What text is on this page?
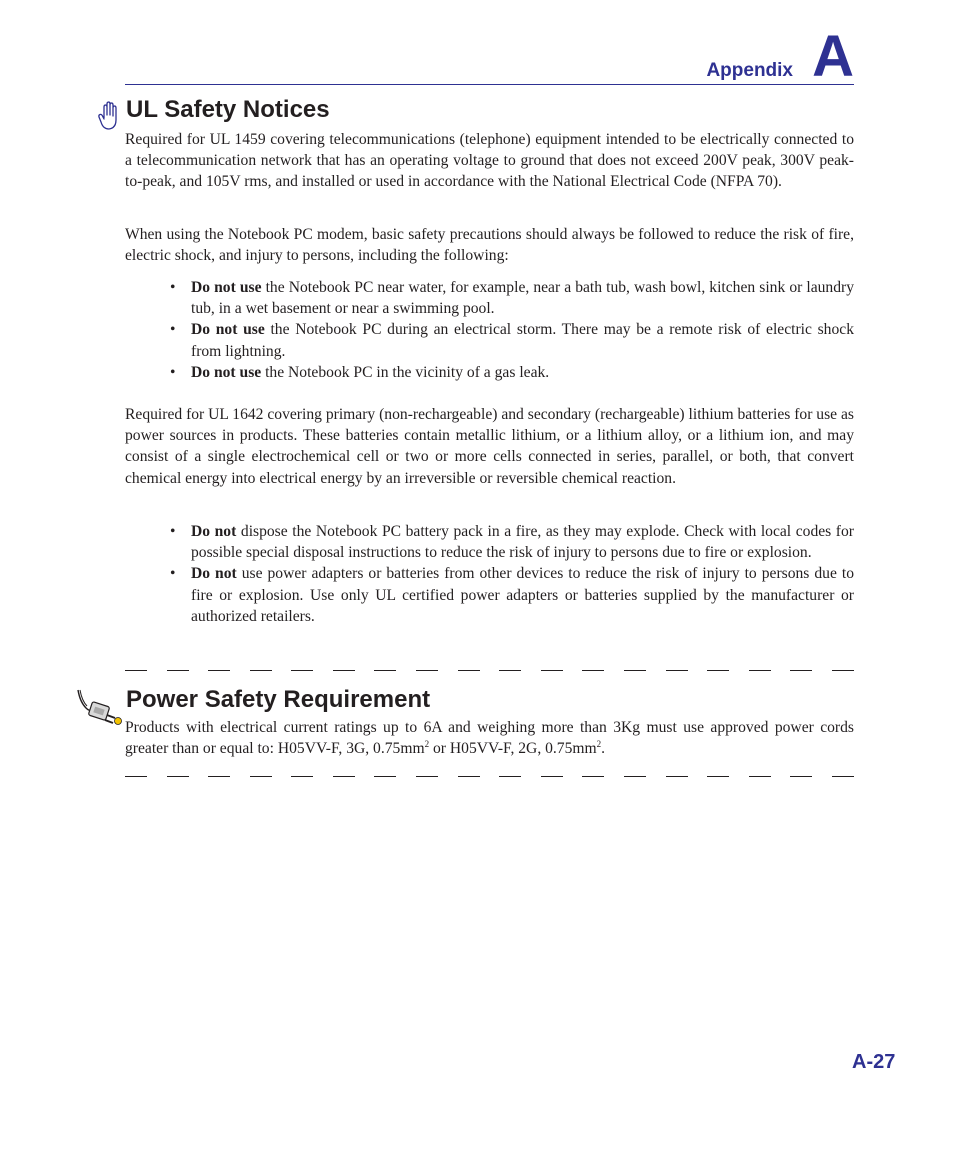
Appendix A
UL Safety Notices

Required for UL 1459 covering telecommunications (telephone) equipment intended to be electrically connected to a telecommunication network that has an operating voltage to ground that does not exceed 200V peak, 300V peak-to-peak, and 105V rms, and installed or used in accordance with the National Electrical Code (NFPA 70).

When using the Notebook PC modem, basic safety precautions should always be followed to reduce the risk of fire, electric shock, and injury to persons, including the following:

• Do not use the Notebook PC near water, for example, near a bath tub, wash bowl, kitchen sink or laundry tub, in a wet basement or near a swimming pool.
• Do not use the Notebook PC during an electrical storm. There may be a remote risk of electric shock from lightning.
• Do not use the Notebook PC in the vicinity of a gas leak.

Required for UL 1642 covering primary (non-rechargeable) and secondary (rechargeable) lithium batteries for use as power sources in products. These batteries contain metallic lithium, or a lithium alloy, or a lithium ion, and may consist of a single electrochemical cell or two or more cells connected in series, parallel, or both, that convert chemical energy into electrical energy by an irreversible or reversible chemical reaction.

• Do not dispose the Notebook PC battery pack in a fire, as they may explode. Check with local codes for possible special disposal instructions to reduce the risk of injury to persons due to fire or explosion.
• Do not use power adapters or batteries from other devices to reduce the risk of injury to persons due to fire or explosion. Use only UL certified power adapters or batteries supplied by the manufacturer or authorized retailers.
Power Safety Requirement

Products with electrical current ratings up to 6A and weighing more than 3Kg must use approved power cords greater than or equal to: H05VV-F, 3G, $0.75mm^2$ or H05VV-F, 2G, $0.75mm^2$.

A-27
